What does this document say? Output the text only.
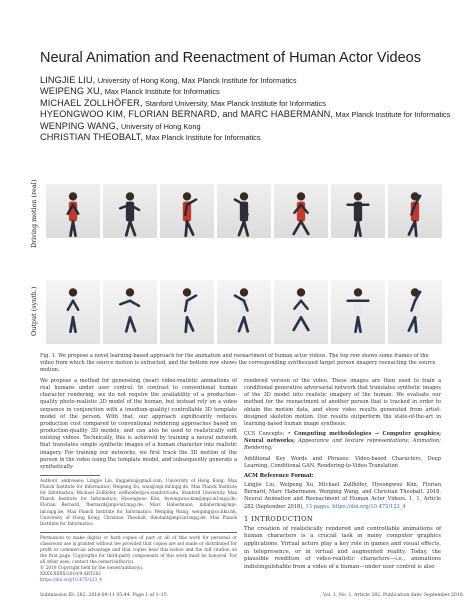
Neural Animation and Reenactment of Human Actor Videos
LINGJIE LIU, University of Hong Kong, Max Planck Institute for Informatics
WEIPENG XU, Max Planck Institute for Informatics
MICHAEL ZOLLHÖFER, Stanford University, Max Planck Institute for Informatics
HYEONGWOO KIM, FLORIAN BERNARD, and MARC HABERMANN, Max Planck Institute for Informatics
WENPING WANG, University of Hong Kong
CHRISTIAN THEOBALT, Max Planck Institute for Informatics
Driving motion (real)
Output (synth.)
Fig. 1. We propose a novel learning-based approach for the animation and reenactment of human actor videos. The top row shows some frames of the video from which the source motion is extracted, and the bottom row shows the corresponding synthesized target person imagery reenacting the source motion.

We propose a method for generating (near) video-realistic animations of real humans under user control. In contrast to conventional human character rendering, we do not require the availability of a production-quality photo-realistic 3D model of the human, but instead rely on a video sequence in conjunction with a (medium-quality) controllable 3D template model of the person. With that, our approach significantly reduces production cost compared to conventional rendering approaches based on production-quality 3D models, and can also be used to realistically edit existing videos. Technically, this is achieved by training a neural network that translates simple synthetic images of a human character into realistic imagery. For training our networks, we first track the 3D motion of the person in the video using the template model, and subsequently generate a synthetically

Authors' addresses: Lingjie Liu, lingjieliu@gmail.com, University of Hong Kong, Max Planck Institute for Informatics; Weipeng Xu, wxu@mpi-inf.mpg.de, Max Planck Institute for Informatics; Michael Zollhöfer, zollhoefer@cs.stanford.edu, Stanford University, Max Planck Institute for Informatics; Hyeongwoo Kim, hyeongwoo.kim@mpi-inf.mpg.de; Florian Bernard, fbernard@mpi-inf.mpg.de; Marc Habermann, mhaberma@mpi-inf.mpg.de, Max Planck Institute for Informatics; Wenping Wang, wenping@cs.hku.hk, University of Hong Kong; Christian Theobalt, theobalt@mpi-inf.mpg.de, Max Planck Institute for Informatics.

Permission to make digital or hard copies of part or all of this work for personal or classroom use is granted without fee provided that copies are not made or distributed for profit or commercial advantage and that copies bear this notice and the full citation on the first page. Copyrights for third-party components of this work must be honored. For all other uses, contact the owner/author(s).

© 2018 Copyright held by the owner/author(s).
XXXX-XXXX/2018/9-ART282
https://doi.org/10.475/123_4

rendered version of the video. These images are then used to train a conditional generative adversarial network that translates synthetic images of the 3D model into realistic imagery of the human. We evaluate our method for the reenactment of another person that is tracked in order to obtain the motion data, and show video results generated from artist-designed skeleton motion. Our results outperform the state-of-the-art in learning-based human image synthesis.

CCS Concepts: • Computing methodologies → Computer graphics; Neural networks; Appearance and texture representations; Animation; Rendering;

Additional Key Words and Phrases: Video-based Characters, Deep Learning, Conditional GAN, Rendering-to-Video Translation

ACM Reference Format:

Lingjie Liu, Weipeng Xu, Michael Zollhöfer, Hyeongwoo Kim, Florian Bernard, Marc Habermann, Wenping Wang, and Christian Theobalt. 2018. Neural Animation and Reenactment of Human Actor Videos. 1, 1, Article 282 (September 2018), 13 pages. https://doi.org/10.475/123_4

1 INTRODUCTION

The creation of realistically rendered and controllable animations of human characters is a crucial task in many computer graphics applications. Virtual actors play a key role in games and visual effects, in telepresence, or in virtual and augmented reality. Today, the plausible rendition of video-realistic characters—i.e., animations indistinguishable from a video of a human—under user control is also

Submission ID: 282. 2018-09-11 05:44. Page 1 of 1–15.	, Vol. 1, No. 1, Article 282. Publication date: September 2018.
